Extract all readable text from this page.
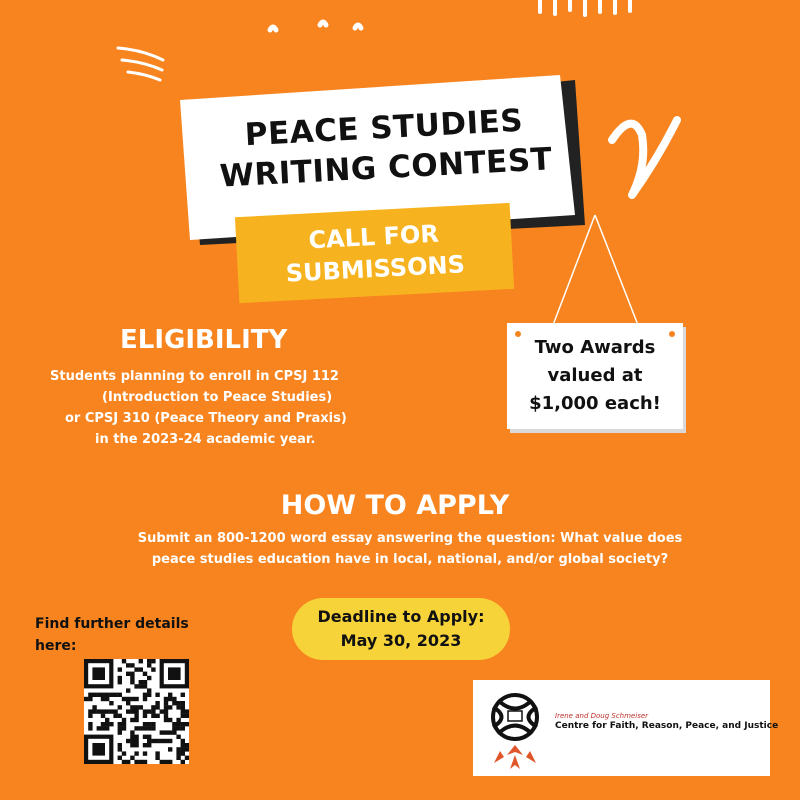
PEACE STUDIES
WRITING CONTEST
CALL FOR
SUBMISSONS
Two Awards
valued at
$1,000 each!
ELIGIBILITY
Students planning to enroll in CPSJ 112
(Introduction to Peace Studies)
or CPSJ 310 (Peace Theory and Praxis)
in the 2023-24 academic year.
HOW TO APPLY
Submit an 800-1200 word essay answering the question: What value does
peace studies education have in local, national, and/or global society?
Deadline to Apply:
May 30, 2023
Find further details
here:
Irene and Doug Schmeiser
Centre for Faith, Reason, Peace, and Justice
